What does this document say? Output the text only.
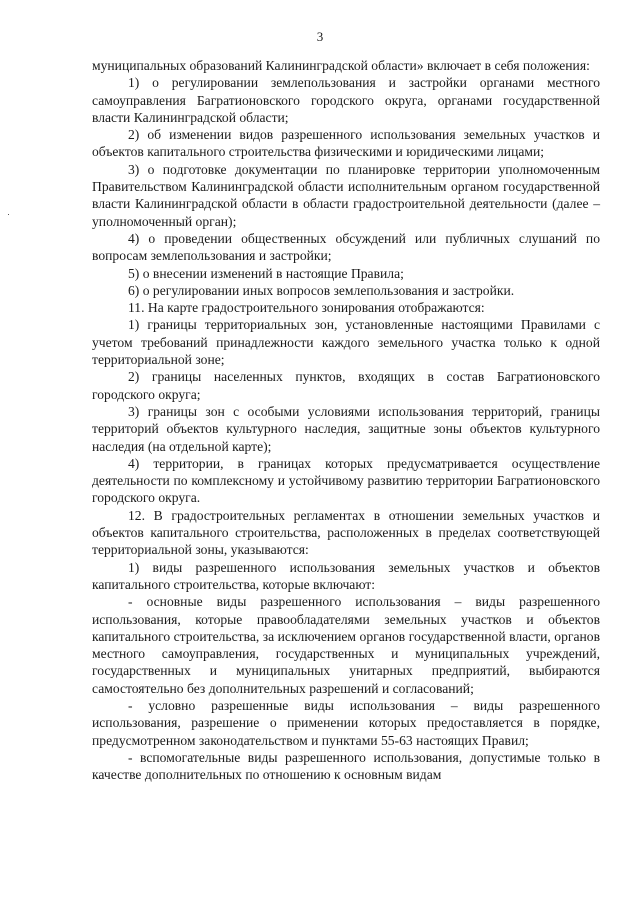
3

муниципальных образований Калининградской области» включает в себя положения:

1) о регулировании землепользования и застройки органами местного самоуправления Багратионовского городского округа, органами государственной власти Калининградской области;

2) об изменении видов разрешенного использования земельных участков и объектов капитального строительства физическими и юридическими лицами;

3) о подготовке документации по планировке территории уполномоченным Правительством Калининградской области исполнительным органом государственной власти Калининградской области в области градостроительной деятельности (далее – уполномоченный орган);

4) о проведении общественных обсуждений или публичных слушаний по вопросам землепользования и застройки;

5) о внесении изменений в настоящие Правила;

6) о регулировании иных вопросов землепользования и застройки.

11. На карте градостроительного зонирования отображаются:

1) границы территориальных зон, установленные настоящими Правилами с учетом требований принадлежности каждого земельного участка только к одной территориальной зоне;

2) границы населенных пунктов, входящих в состав Багратионовского городского округа;

3) границы зон с особыми условиями использования территорий, границы территорий объектов культурного наследия, защитные зоны объектов культурного наследия (на отдельной карте);

4) территории, в границах которых предусматривается осуществление деятельности по комплексному и устойчивому развитию территории Багратионовского городского округа.

12. В градостроительных регламентах в отношении земельных участков и объектов капитального строительства, расположенных в пределах соответствующей территориальной зоны, указываются:

1) виды разрешенного использования земельных участков и объектов капитального строительства, которые включают:

- основные виды разрешенного использования – виды разрешенного использования, которые правообладателями земельных участков и объектов капитального строительства, за исключением органов государственной власти, органов местного самоуправления, государственных и муниципальных учреждений, государственных и муниципальных унитарных предприятий, выбираются самостоятельно без дополнительных разрешений и согласований;

- условно разрешенные виды использования – виды разрешенного использования, разрешение о применении которых предоставляется в порядке, предусмотренном законодательством и пунктами 55-63 настоящих Правил;

- вспомогательные виды разрешенного использования, допустимые только в качестве дополнительных по отношению к основным видам
